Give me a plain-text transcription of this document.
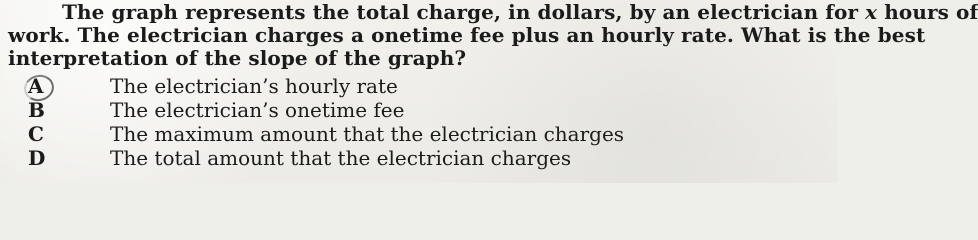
The graph represents the total charge, in dollars, by an electrician for x hours of
work. The electrician charges a onetime fee plus an hourly rate. What is the best
interpretation of the slope of the graph?
A	The electrician’s hourly rate
B	The electrician’s onetime fee
C	The maximum amount that the electrician charges
D	The total amount that the electrician charges
